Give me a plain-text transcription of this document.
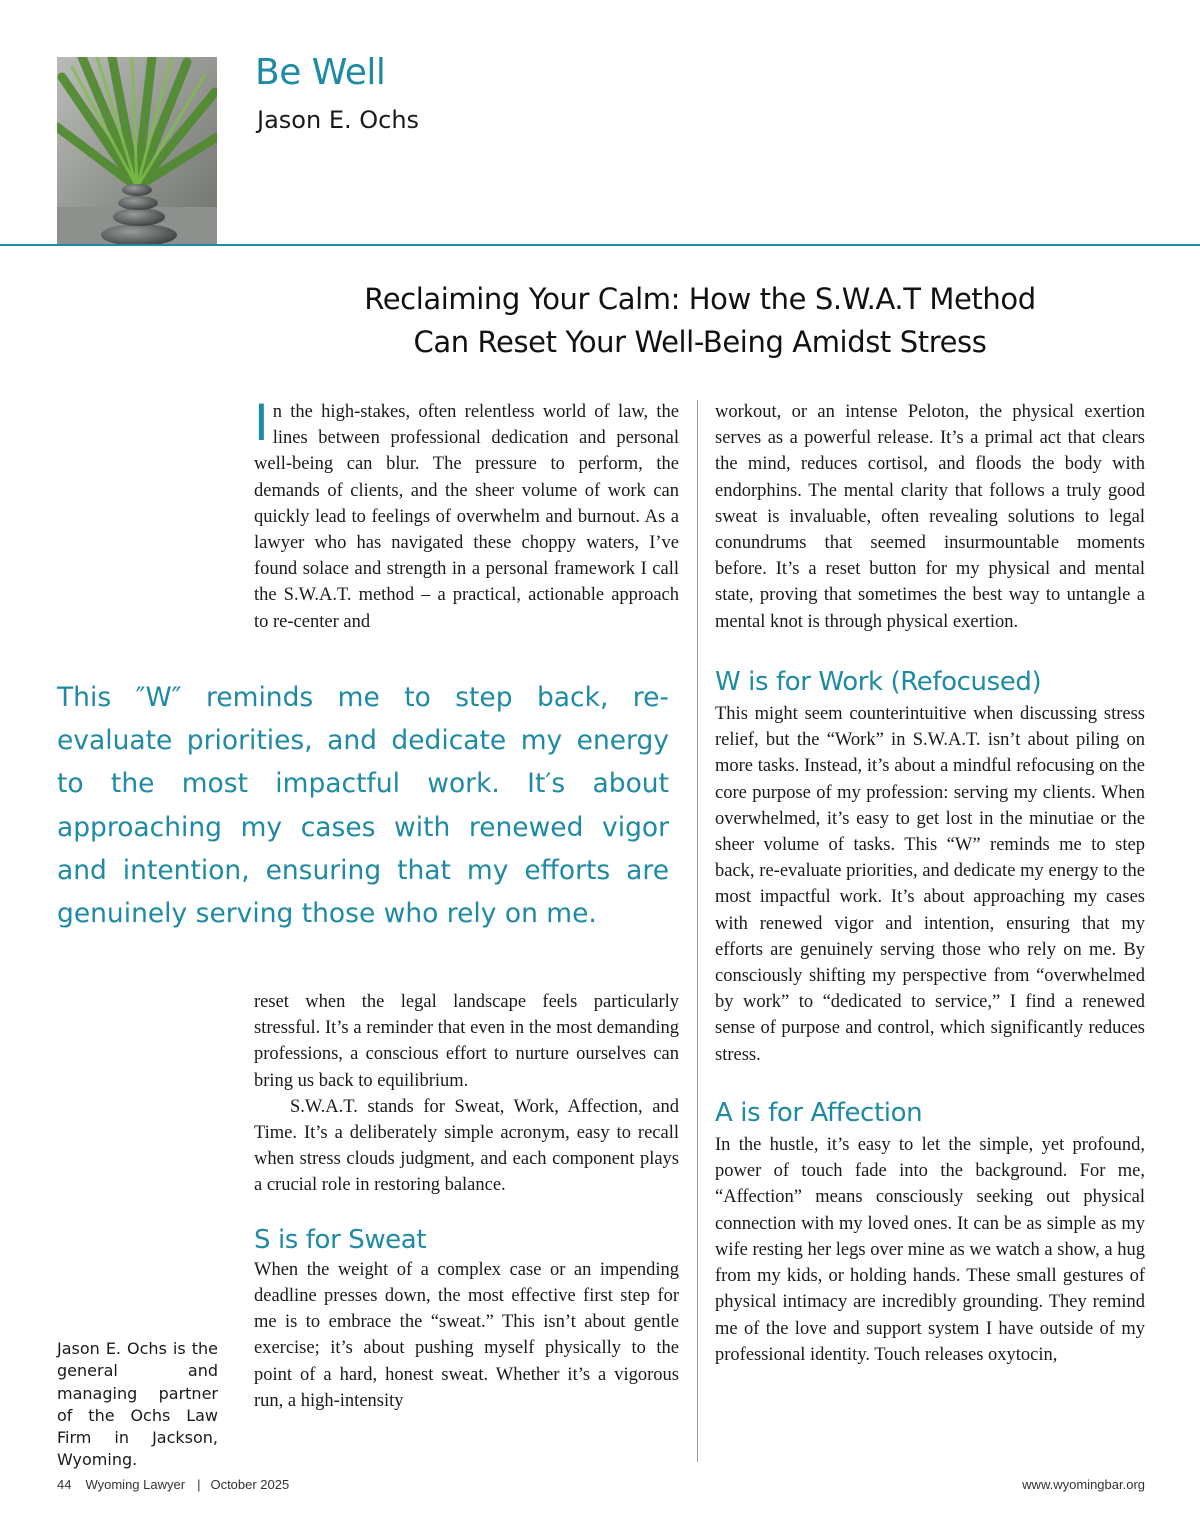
Be Well
Jason E. Ochs
Reclaiming Your Calm: How the S.W.A.T Method
Can Reset Your Well-Being Amidst Stress

In the high-stakes, often relentless world of law, the lines between professional dedication and personal well-being can blur. The pressure to perform, the demands of clients, and the sheer volume of work can quickly lead to feelings of overwhelm and burnout. As a lawyer who has navigated these choppy waters, I’ve found solace and strength in a personal framework I call the S.W.A.T. method – a practical, actionable approach to re-center and

This ″W″ reminds me to step back, re-evaluate priorities, and dedicate my energy to the most impactful work. It′s about approaching my cases with renewed vigor and intention, ensuring that my efforts are genuinely serving those who rely on me.

reset when the legal landscape feels particularly stressful. It’s a reminder that even in the most demanding professions, a conscious effort to nurture ourselves can bring us back to equilibrium.

S.W.A.T. stands for Sweat, Work, Affection, and Time. It’s a deliberately simple acronym, easy to recall when stress clouds judgment, and each component plays a crucial role in restoring balance.

S is for Sweat

When the weight of a complex case or an impending deadline presses down, the most effective first step for me is to embrace the “sweat.” This isn’t about gentle exercise; it’s about pushing myself physically to the point of a hard, honest sweat. Whether it’s a vigorous run, a high-intensity

workout, or an intense Peloton, the physical exertion serves as a powerful release. It’s a primal act that clears the mind, reduces cortisol, and floods the body with endorphins. The mental clarity that follows a truly good sweat is invaluable, often revealing solutions to legal conundrums that seemed insurmountable moments before. It’s a reset button for my physical and mental state, proving that sometimes the best way to untangle a mental knot is through physical exertion.

W is for Work (Refocused)

This might seem counterintuitive when discussing stress relief, but the “Work” in S.W.A.T. isn’t about piling on more tasks. Instead, it’s about a mindful refocusing on the core purpose of my profession: serving my clients. When overwhelmed, it’s easy to get lost in the minutiae or the sheer volume of tasks. This “W” reminds me to step back, re-evaluate priorities, and dedicate my energy to the most impactful work. It’s about approaching my cases with renewed vigor and intention, ensuring that my efforts are genuinely serving those who rely on me. By consciously shifting my perspective from “overwhelmed by work” to “dedicated to service,” I find a renewed sense of purpose and control, which significantly reduces stress.

A is for Affection

In the hustle, it’s easy to let the simple, yet profound, power of touch fade into the background. For me, “Affection” means consciously seeking out physical connection with my loved ones. It can be as simple as my wife resting her legs over mine as we watch a show, a hug from my kids, or holding hands. These small gestures of physical intimacy are incredibly grounding. They remind me of the love and support system I have outside of my professional identity. Touch releases oxytocin,

Jason E. Ochs is the general and managing partner of the Ochs Law Firm in Jackson, Wyoming.
44 Wyoming Lawyer | October 2025	www.wyomingbar.org
